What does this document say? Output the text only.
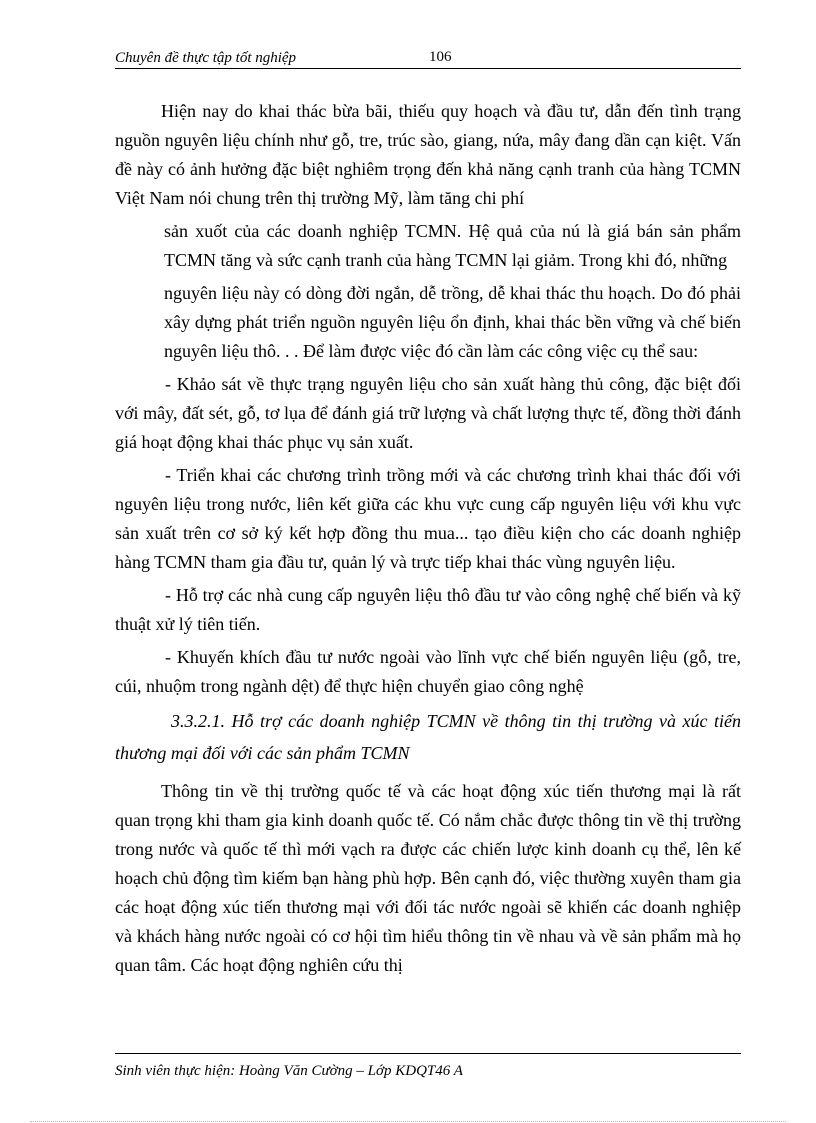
Chuyên đề thực tập tốt nghiệp	106

Hiện nay do khai thác bừa bãi, thiếu quy hoạch và đầu tư, dẫn đến tình trạng nguồn nguyên liệu chính như gỗ, tre, trúc sào, giang, nứa, mây đang dần cạn kiệt. Vấn đề này có ảnh hưởng đặc biệt nghiêm trọng đến khả năng cạnh tranh của hàng TCMN Việt Nam nói chung trên thị trường Mỹ, làm tăng chi phí

sản xuốt của các doanh nghiệp TCMN. Hệ quả của nú là giá bán sản phẩm TCMN tăng và sức cạnh tranh của hàng TCMN lại giảm. Trong khi đó, những

nguyên liệu này có dòng đời ngắn, dễ trồng, dễ khai thác thu hoạch. Do đó phải xây dựng phát triển nguồn nguyên liệu ổn định, khai thác bền vững và chế biến nguyên liệu thô. . . Để làm được việc đó cần làm các công việc cụ thể sau:

- Khảo sát về thực trạng nguyên liệu cho sản xuất hàng thủ công, đặc biệt đối với mây, đất sét, gỗ, tơ lụa để đánh giá trữ lượng và chất lượng thực tế, đồng thời đánh giá hoạt động khai thác phục vụ sản xuất.

- Triển khai các chương trình trồng mới và các chương trình khai thác đối với nguyên liệu trong nước, liên kết giữa các khu vực cung cấp nguyên liệu với khu vực sản xuất trên cơ sở ký kết hợp đồng thu mua... tạo điều kiện cho các doanh nghiệp hàng TCMN tham gia đầu tư, quản lý và trực tiếp khai thác vùng nguyên liệu.

- Hỗ trợ các nhà cung cấp nguyên liệu thô đầu tư vào công nghệ chế biến và kỹ thuật xử lý tiên tiến.

- Khuyến khích đầu tư nước ngoài vào lĩnh vực chế biến nguyên liệu (gỗ, tre, cúi, nhuộm trong ngành dệt) để thực hiện chuyển giao công nghệ

3.3.2.1. Hỗ trợ các doanh nghiệp TCMN về thông tin thị trường và xúc tiến thương mại đối với các sản phẩm TCMN

Thông tin về thị trường quốc tế và các hoạt động xúc tiến thương mại là rất quan trọng khi tham gia kinh doanh quốc tế. Có nắm chắc được thông tin về thị trường trong nước và quốc tế thì mới vạch ra được các chiến lược kinh doanh cụ thể, lên kế hoạch chủ động tìm kiếm bạn hàng phù hợp. Bên cạnh đó, việc thường xuyên tham gia các hoạt động xúc tiến thương mại với đối tác nước ngoài sẽ khiến các doanh nghiệp và khách hàng nước ngoài có cơ hội tìm hiểu thông tin về nhau và về sản phẩm mà họ quan tâm. Các hoạt động nghiên cứu thị

Sinh viên thực hiện: Hoàng Văn Cường – Lớp KDQT46 A
